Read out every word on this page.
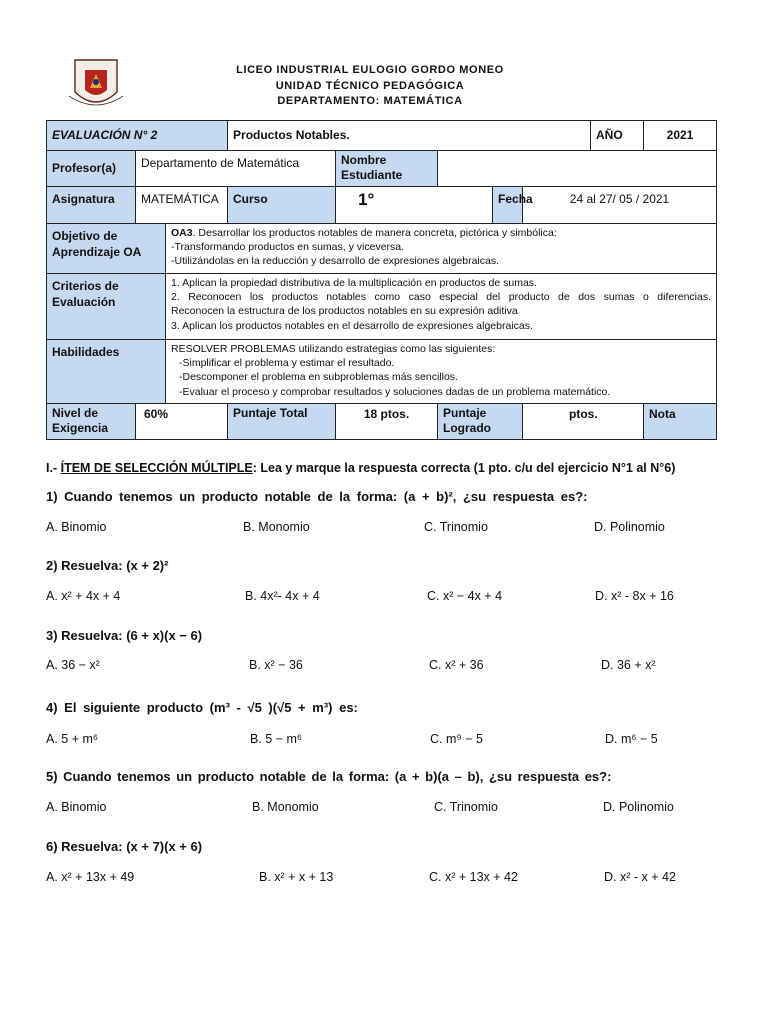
LICEO INDUSTRIAL EULOGIO GORDO MONEO
UNIDAD TÉCNICO PEDAGÓGICA
DEPARTAMENTO: MATEMÁTICA
EVALUACIÓN N° 2			Productos Notables.					AÑO	2021
Profesor(a)	Departamento de Matemática			Nombre Estudiante					
Asignatura	MATEMÁTICA		Curso	1°		Fecha	24 al 27/ 05 / 2021		
Objetivo de Aprendizaje OA		OA3. Desarrollar los productos notables de manera concreta, pictórica y simbólica:
-Transformando productos en sumas, y viceversa.
-Utilizándolas en la reducción y desarrollo de expresiones algebraicas.							

Criterios de Evaluación		1. Aplican la propiedad distributiva de la multiplicación en productos de sumas.
2. Reconocen los productos notables como caso especial del producto de dos sumas o diferencias.
Reconocen la estructura de los productos notables en su expresión aditiva
3. Aplican los productos notables en el desarrollo de expresiones algebraicas.							

Habilidades		RESOLVER PROBLEMAS utilizando estrategias como las siguientes:
-Simplificar el problema y estimar el resultado.
-Descomponer el problema en subproblemas más sencillos.
-Evaluar el proceso y comprobar resultados y soluciones dadas de un problema matemático.							

Nivel de Exigencia	60%		Puntaje Total	18 ptos.	Puntaje Logrado		ptos.		Nota
I.- ÍTEM DE SELECCIÓN MÚLTIPLE: Lea y marque la respuesta correcta (1 pto. c/u del ejercicio N°1 al N°6)
1) Cuando tenemos un producto notable de la forma: (a + b)², ¿su respuesta es?:
A. Binomio	B. Monomio	C. Trinomio	D. Polinomio
2) Resuelva: (x + 2)²
A. x² + 4x + 4	B. 4x²- 4x + 4	C. x² − 4x + 4	D. x² - 8x + 16
3) Resuelva: (6 + x)(x − 6)
A. 36 − x²	B. x² − 36	C. x² + 36	D. 36 + x²
4) El siguiente producto (m³ - √5 )(√5 + m³) es:
A. 5 + m⁶	B. 5 − m⁶	C. m⁹ − 5	D. m⁶ − 5
5) Cuando tenemos un producto notable de la forma: (a + b)(a – b), ¿su respuesta es?:
A. Binomio	B. Monomio	C. Trinomio	D. Polinomio
6) Resuelva: (x + 7)(x + 6)
A. x² + 13x + 49	B. x² + x + 13	C. x² + 13x + 42	D. x² - x + 42
